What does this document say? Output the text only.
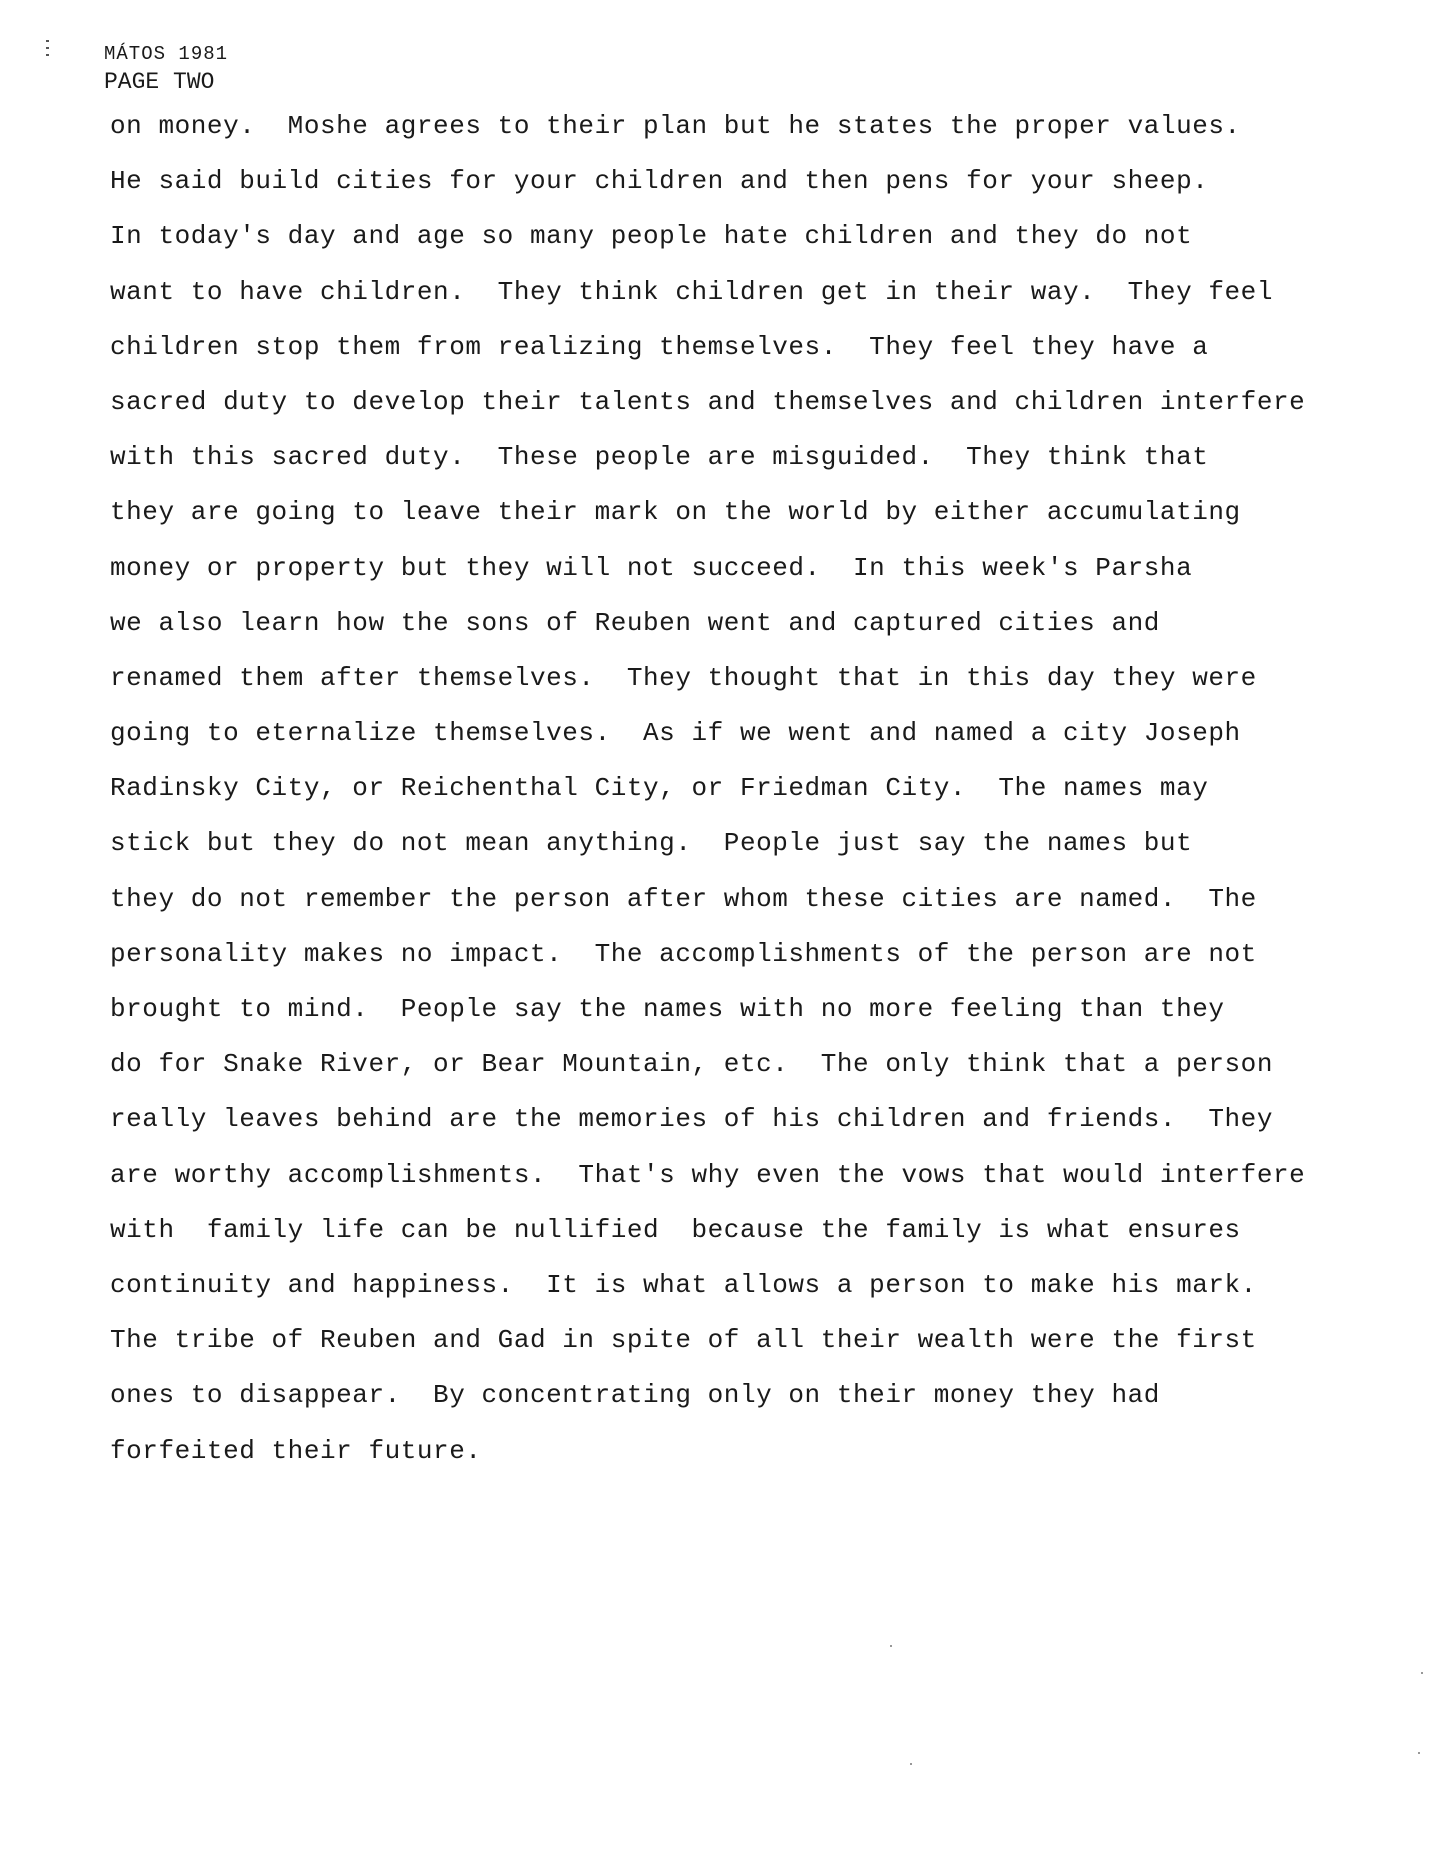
MÁTOS 1981
PAGE TWO
on money.  Moshe agrees to their plan but he states the proper values.
He said build cities for your children and then pens for your sheep.
In today's day and age so many people hate children and they do not
want to have children.  They think children get in their way.  They feel
children stop them from realizing themselves.  They feel they have a
sacred duty to develop their talents and themselves and children interfere
with this sacred duty.  These people are misguided.  They think that
they are going to leave their mark on the world by either accumulating
money or property but they will not succeed.  In this week's Parsha
we also learn how the sons of Reuben went and captured cities and
renamed them after themselves.  They thought that in this day they were
going to eternalize themselves.  As if we went and named a city Joseph
Radinsky City, or Reichenthal City, or Friedman City.  The names may
stick but they do not mean anything.  People just say the names but
they do not remember the person after whom these cities are named.  The
personality makes no impact.  The accomplishments of the person are not
brought to mind.  People say the names with no more feeling than they
do for Snake River, or Bear Mountain, etc.  The only think that a person
really leaves behind are the memories of his children and friends.  They
are worthy accomplishments.  That's why even the vows that would interfere
with  family life can be nullified  because the family is what ensures
continuity and happiness.  It is what allows a person to make his mark.
The tribe of Reuben and Gad in spite of all their wealth were the first
ones to disappear.  By concentrating only on their money they had
forfeited their future.
